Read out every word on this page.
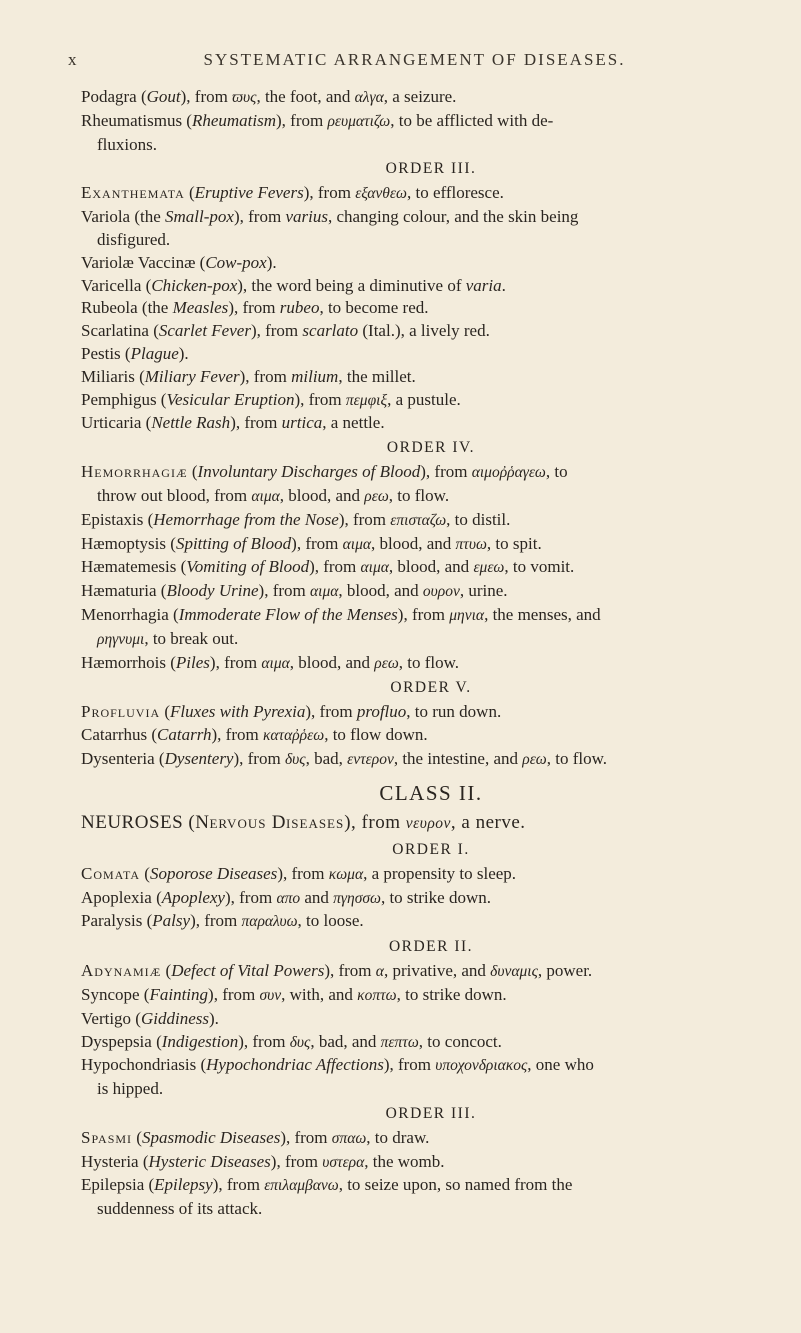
x	SYSTEMATIC ARRANGEMENT OF DISEASES.
Podagra (Gout), from ϖυς, the foot, and αλγα, a seizure.
Rheumatismus (Rheumatism), from ρευματιζω, to be afflicted with de-
fluxions.
ORDER III.
Exanthemata (Eruptive Fevers), from εξανθεω, to effloresce.
Variola (the Small-pox), from varius, changing colour, and the skin being
disfigured.
Variolæ Vaccinæ (Cow-pox).
Varicella (Chicken-pox), the word being a diminutive of varia.
Rubeola (the Measles), from rubeo, to become red.
Scarlatina (Scarlet Fever), from scarlato (Ital.), a lively red.
Pestis (Plague).
Miliaris (Miliary Fever), from milium, the millet.
Pemphigus (Vesicular Eruption), from πεμφιξ, a pustule.
Urticaria (Nettle Rash), from urtica, a nettle.
ORDER IV.
Hemorrhagiæ (Involuntary Discharges of Blood), from αιμοῤῥαγεω, to
throw out blood, from αιμα, blood, and ρεω, to flow.
Epistaxis (Hemorrhage from the Nose), from επισταζω, to distil.
Hæmoptysis (Spitting of Blood), from αιμα, blood, and πτυω, to spit.
Hæmatemesis (Vomiting of Blood), from αιμα, blood, and εμεω, to vomit.
Hæmaturia (Bloody Urine), from αιμα, blood, and ουρον, urine.
Menorrhagia (Immoderate Flow of the Menses), from μηνια, the menses, and
ρηγνυμι, to break out.
Hæmorrhois (Piles), from αιμα, blood, and ρεω, to flow.
ORDER V.
Profluvia (Fluxes with Pyrexia), from profluo, to run down.
Catarrhus (Catarrh), from καταῤῥεω, to flow down.
Dysenteria (Dysentery), from δυς, bad, εντερον, the intestine, and ρεω, to flow.
CLASS II.
NEUROSES (Nervous Diseases), from νευρον, a nerve.
ORDER I.
Comata (Soporose Diseases), from κωμα, a propensity to sleep.
Apoplexia (Apoplexy), from απο and πγησσω, to strike down.
Paralysis (Palsy), from παραλυω, to loose.
ORDER II.
Adynamiæ (Defect of Vital Powers), from α, privative, and δυναμις, power.
Syncope (Fainting), from συν, with, and κοπτω, to strike down.
Vertigo (Giddiness).
Dyspepsia (Indigestion), from δυς, bad, and πεπτω, to concoct.
Hypochondriasis (Hypochondriac Affections), from υποχονδριακος, one who
is hipped.
ORDER III.
Spasmi (Spasmodic Diseases), from σπαω, to draw.
Hysteria (Hysteric Diseases), from υστερα, the womb.
Epilepsia (Epilepsy), from επιλαμβανω, to seize upon, so named from the
suddenness of its attack.
